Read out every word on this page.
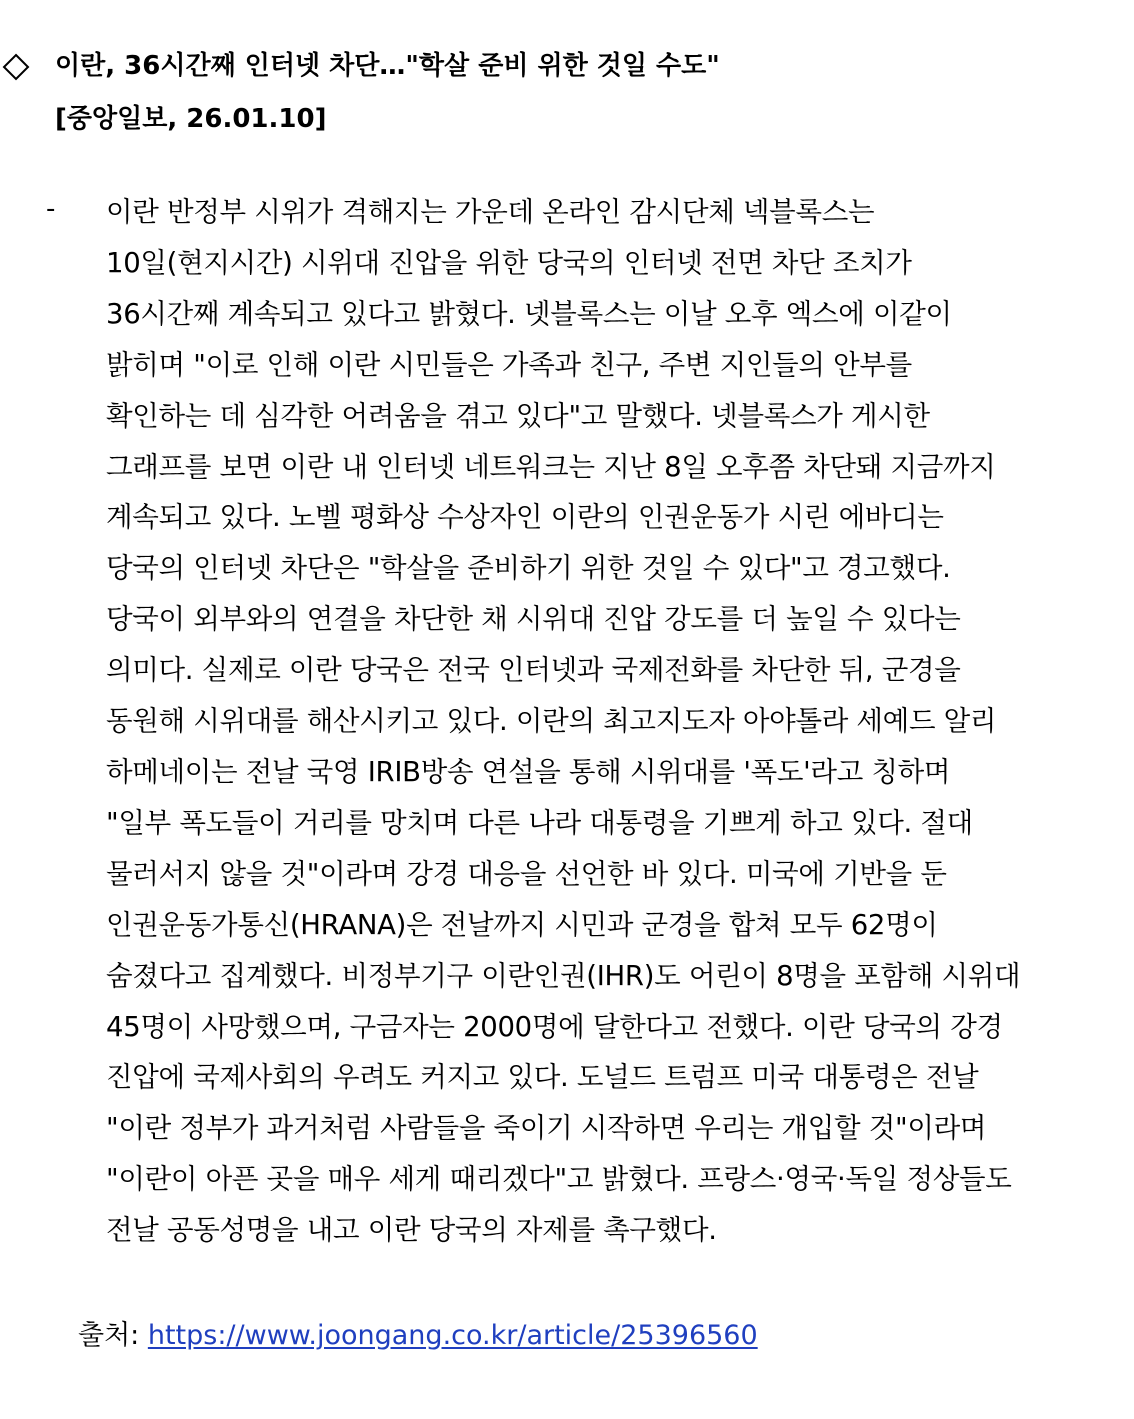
이란, 36시간째 인터넷 차단…"학살 준비 위한 것일 수도"
[중앙일보, 26.01.10]
- 이란 반정부 시위가 격해지는 가운데 온라인 감시단체 넥블록스는
10일(현지시간) 시위대 진압을 위한 당국의 인터넷 전면 차단 조치가
36시간째 계속되고 있다고 밝혔다. 넷블록스는 이날 오후 엑스에 이같이
밝히며 "이로 인해 이란 시민들은 가족과 친구, 주변 지인들의 안부를
확인하는 데 심각한 어려움을 겪고 있다"고 말했다. 넷블록스가 게시한
그래프를 보면 이란 내 인터넷 네트워크는 지난 8일 오후쯤 차단돼 지금까지
계속되고 있다. 노벨 평화상 수상자인 이란의 인권운동가 시린 에바디는
당국의 인터넷 차단은 "학살을 준비하기 위한 것일 수 있다"고 경고했다.
당국이 외부와의 연결을 차단한 채 시위대 진압 강도를 더 높일 수 있다는
의미다. 실제로 이란 당국은 전국 인터넷과 국제전화를 차단한 뒤, 군경을
동원해 시위대를 해산시키고 있다. 이란의 최고지도자 아야톨라 세예드 알리
하메네이는 전날 국영 IRIB방송 연설을 통해 시위대를 '폭도'라고 칭하며
"일부 폭도들이 거리를 망치며 다른 나라 대통령을 기쁘게 하고 있다. 절대
물러서지 않을 것"이라며 강경 대응을 선언한 바 있다. 미국에 기반을 둔
인권운동가통신(HRANA)은 전날까지 시민과 군경을 합쳐 모두 62명이
숨졌다고 집계했다. 비정부기구 이란인권(IHR)도 어린이 8명을 포함해 시위대
45명이 사망했으며, 구금자는 2000명에 달한다고 전했다. 이란 당국의 강경
진압에 국제사회의 우려도 커지고 있다. 도널드 트럼프 미국 대통령은 전날
"이란 정부가 과거처럼 사람들을 죽이기 시작하면 우리는 개입할 것"이라며
"이란이 아픈 곳을 매우 세게 때리겠다"고 밝혔다. 프랑스·영국·독일 정상들도
전날 공동성명을 내고 이란 당국의 자제를 촉구했다.
출처: https://www.joongang.co.kr/article/25396560
